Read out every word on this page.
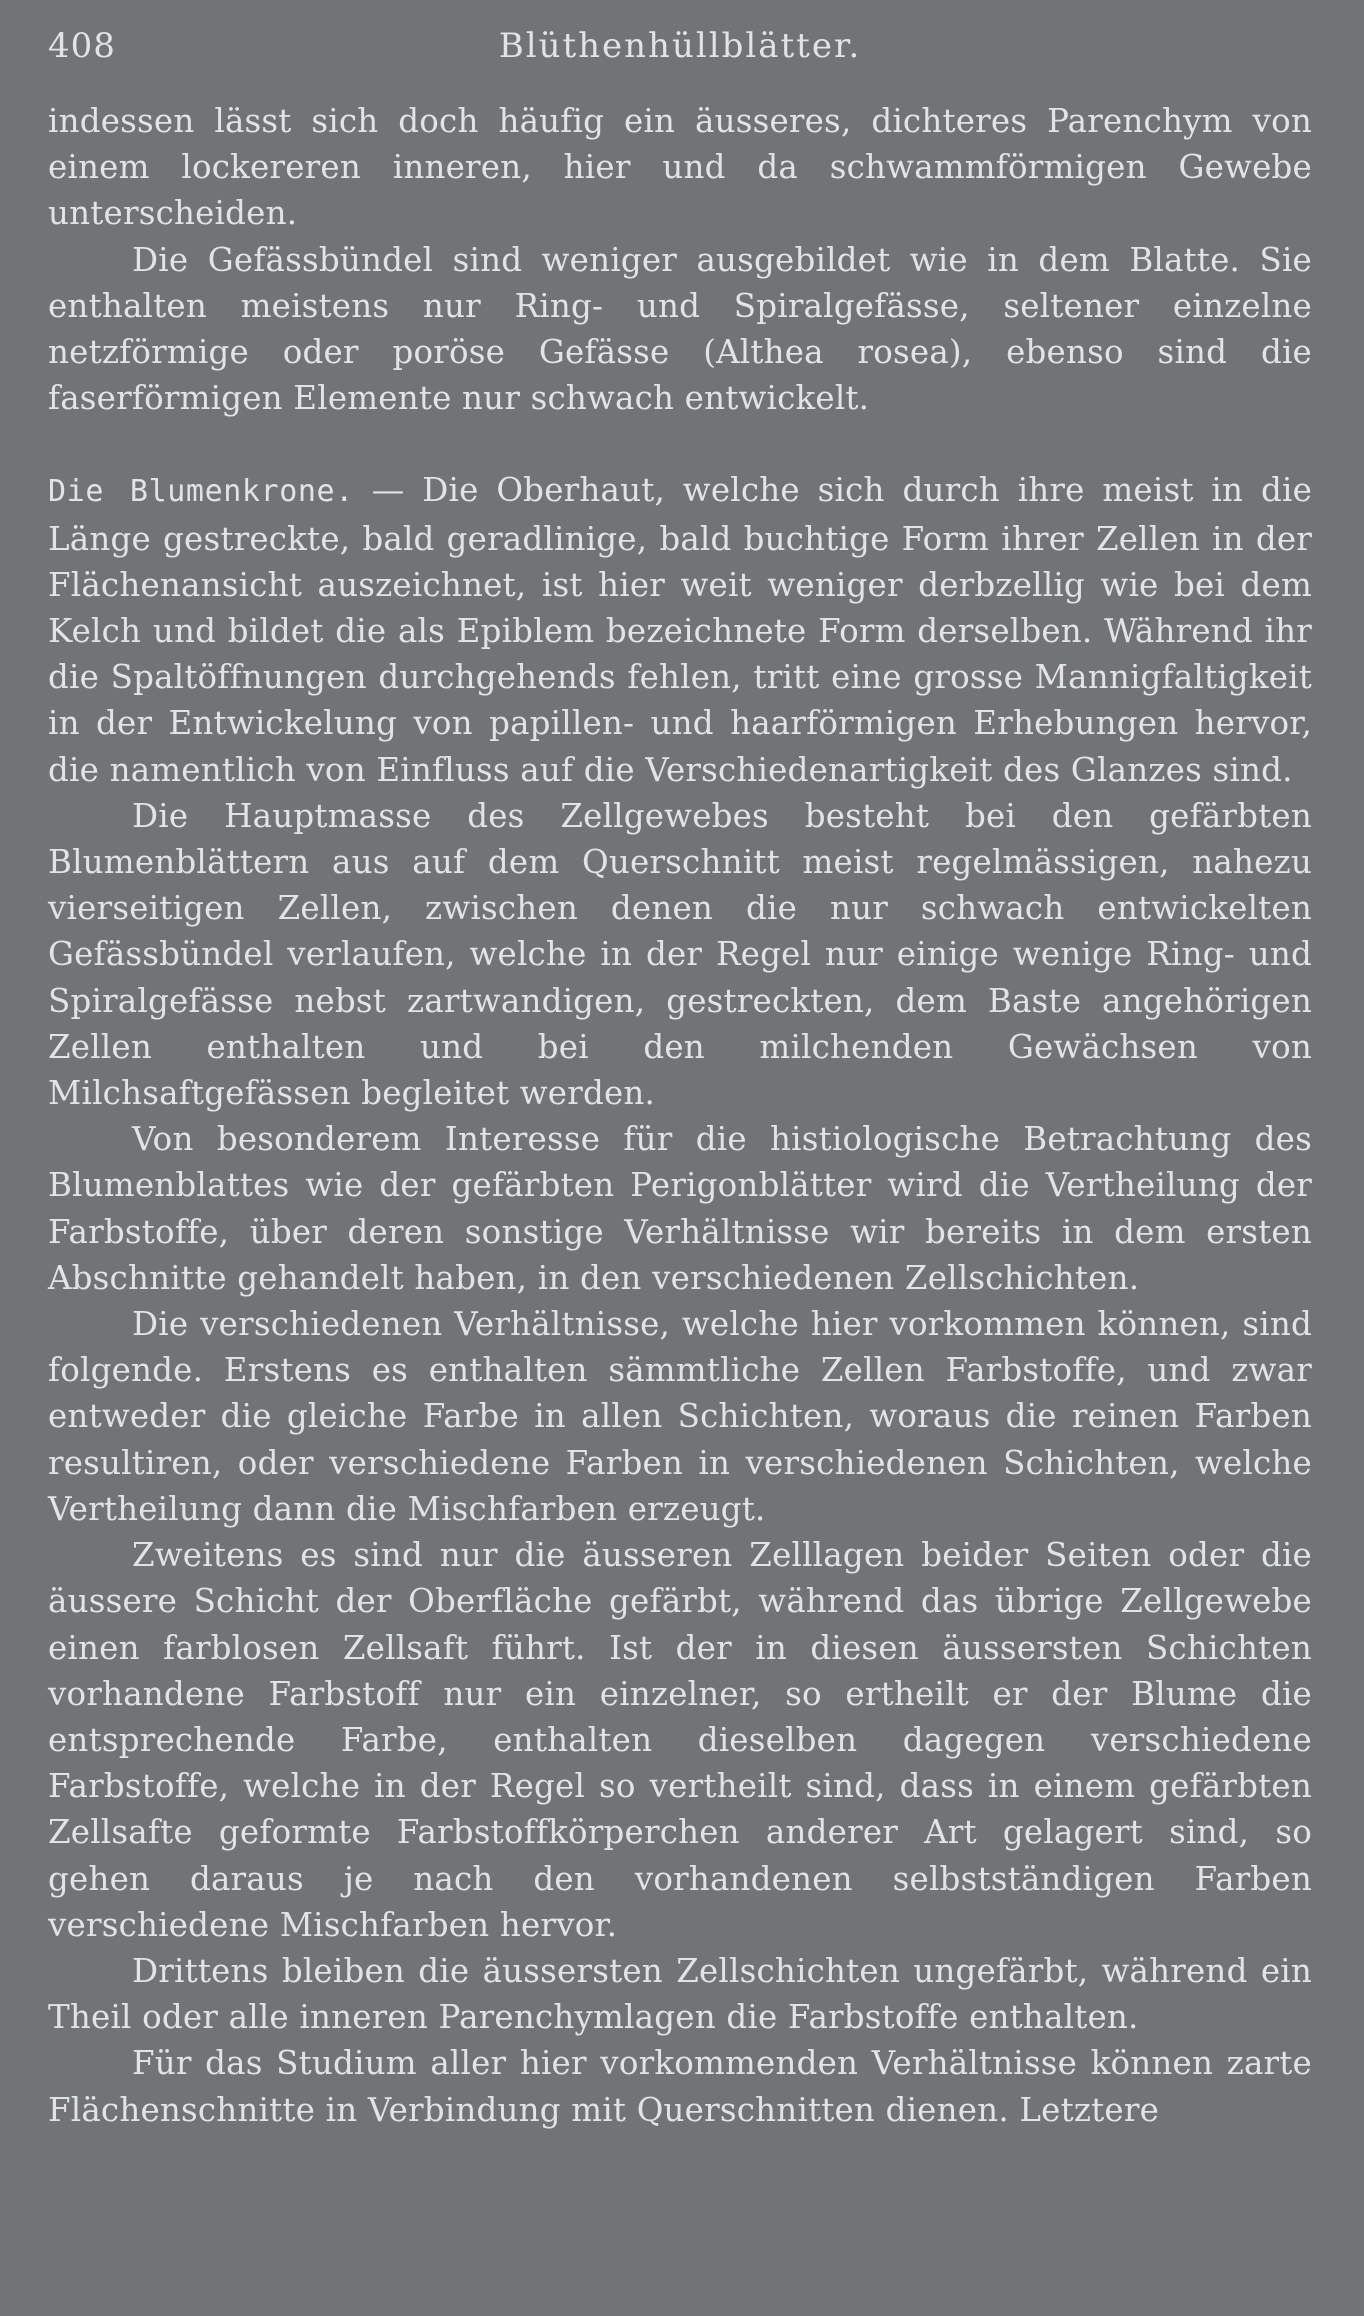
408	Blüthenhüllblätter.

indessen lässt sich doch häufig ein äusseres, dichteres Parenchym von einem lockereren inneren, hier und da schwammförmigen Gewebe unterscheiden.

Die Gefässbündel sind weniger ausgebildet wie in dem Blatte. Sie enthalten meistens nur Ring- und Spiralgefässe, seltener einzelne netzförmige oder poröse Gefässe (Althea rosea), ebenso sind die faserförmigen Elemente nur schwach entwickelt.

Die Blumenkrone. — Die Oberhaut, welche sich durch ihre meist in die Länge gestreckte, bald geradlinige, bald buchtige Form ihrer Zellen in der Flächenansicht auszeichnet, ist hier weit weniger derbzellig wie bei dem Kelch und bildet die als Epiblem bezeichnete Form derselben. Während ihr die Spaltöffnungen durchgehends fehlen, tritt eine grosse Mannigfaltigkeit in der Entwickelung von papillen- und haarförmigen Erhebungen hervor, die namentlich von Einfluss auf die Verschiedenartigkeit des Glanzes sind.

Die Hauptmasse des Zellgewebes besteht bei den gefärbten Blumenblättern aus auf dem Querschnitt meist regelmässigen, nahezu vierseitigen Zellen, zwischen denen die nur schwach entwickelten Gefässbündel verlaufen, welche in der Regel nur einige wenige Ring- und Spiralgefässe nebst zartwandigen, gestreckten, dem Baste angehörigen Zellen enthalten und bei den milchenden Gewächsen von Milchsaftgefässen begleitet werden.

Von besonderem Interesse für die histiologische Betrachtung des Blumenblattes wie der gefärbten Perigonblätter wird die Vertheilung der Farbstoffe, über deren sonstige Verhältnisse wir bereits in dem ersten Abschnitte gehandelt haben, in den verschiedenen Zellschichten.

Die verschiedenen Verhältnisse, welche hier vorkommen können, sind folgende. Erstens es enthalten sämmtliche Zellen Farbstoffe, und zwar entweder die gleiche Farbe in allen Schichten, woraus die reinen Farben resultiren, oder verschiedene Farben in verschiedenen Schichten, welche Vertheilung dann die Mischfarben erzeugt.

Zweitens es sind nur die äusseren Zelllagen beider Seiten oder die äussere Schicht der Oberfläche gefärbt, während das übrige Zellgewebe einen farblosen Zellsaft führt. Ist der in diesen äussersten Schichten vorhandene Farbstoff nur ein einzelner, so ertheilt er der Blume die entsprechende Farbe, enthalten dieselben dagegen verschiedene Farbstoffe, welche in der Regel so vertheilt sind, dass in einem gefärbten Zellsafte geformte Farbstoffkörperchen anderer Art gelagert sind, so gehen daraus je nach den vorhandenen selbstständigen Farben verschiedene Mischfarben hervor.

Drittens bleiben die äussersten Zellschichten ungefärbt, während ein Theil oder alle inneren Parenchymlagen die Farbstoffe enthalten.

Für das Studium aller hier vorkommenden Verhältnisse können zarte Flächenschnitte in Verbindung mit Querschnitten dienen. Letztere
